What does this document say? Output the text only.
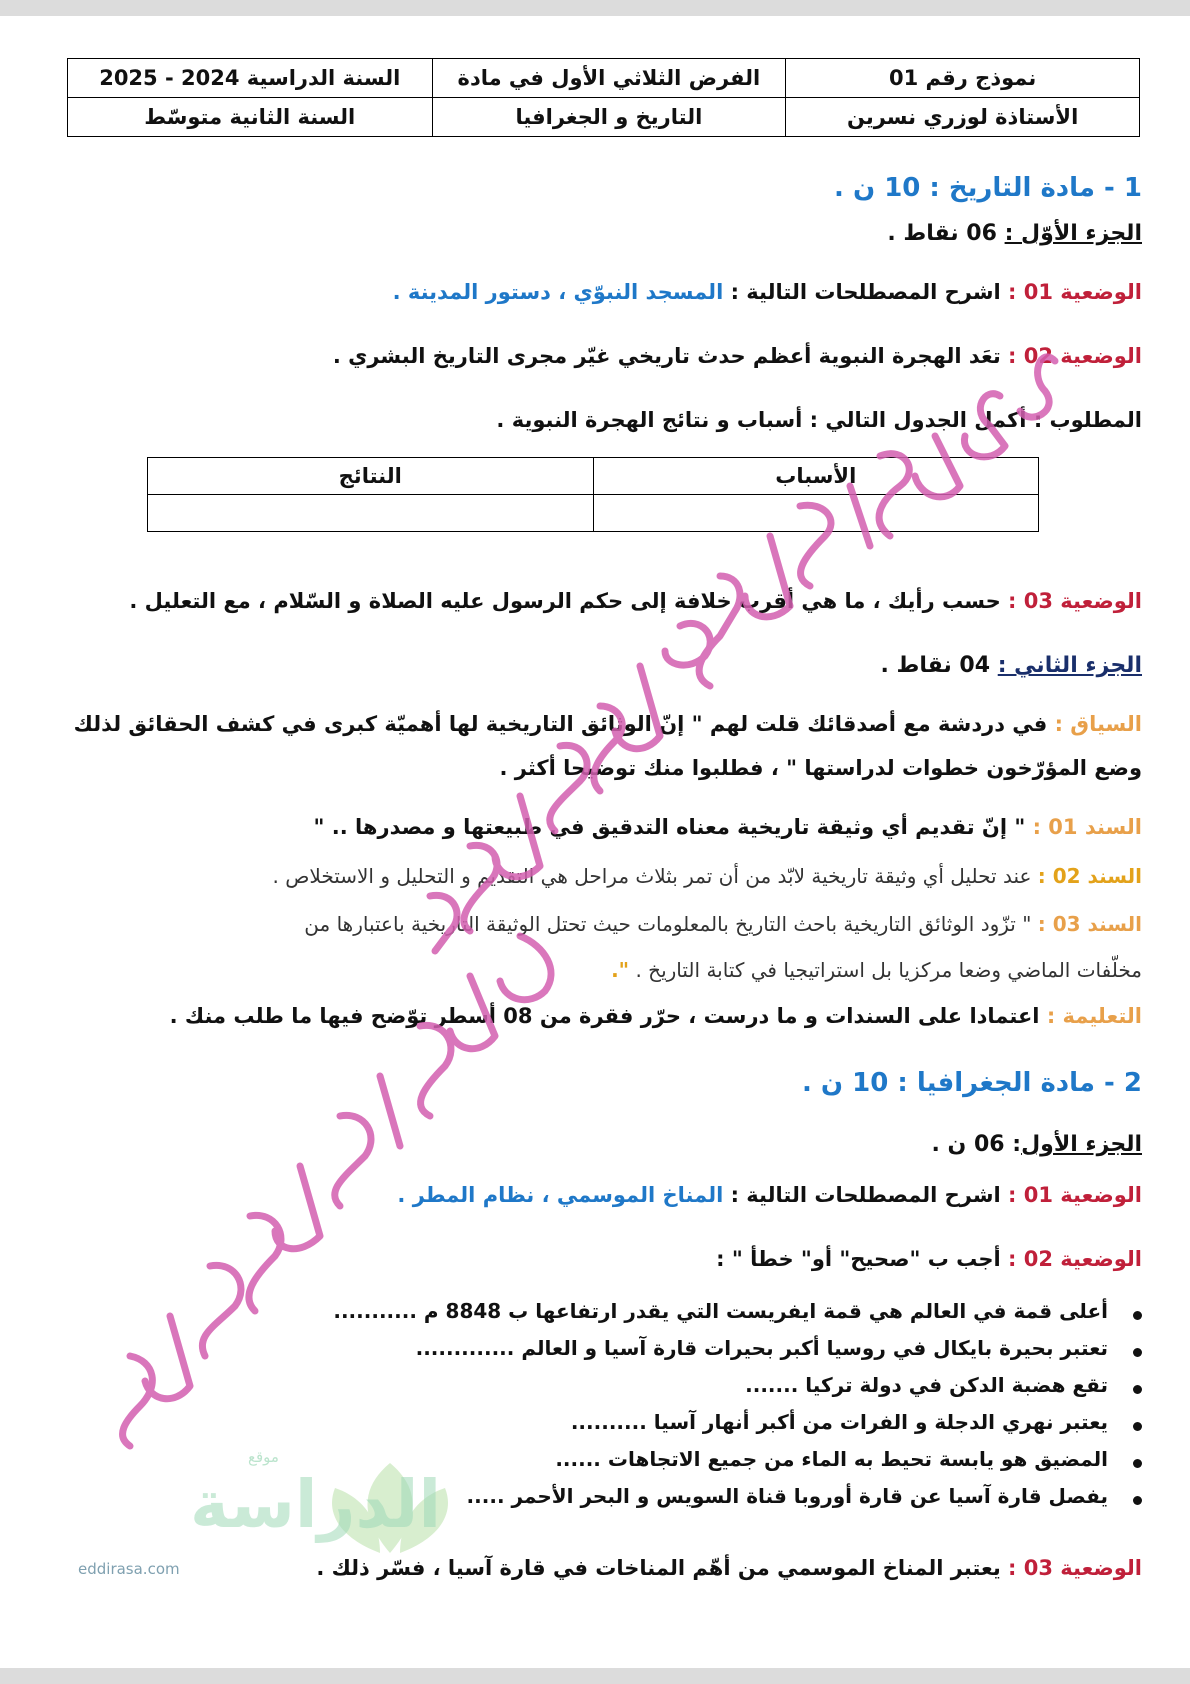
نموذج رقم 01	الفرض الثلاثي الأول في مادة	السنة الدراسية 2024 - 2025
الأستاذة لوزري نسرين	التاريخ و الجغرافيا	السنة الثانية متوسّط
1 - مادة التاريخ : 10 ن .
الجزء الأوّل : 06 نقاط .
الوضعية 01 : اشرح المصطلحات التالية : المسجد النبوّي ، دستور المدينة .
الوضعية 02 : تعَد الهجرة النبوية أعظم حدث تاريخي غيّر مجرى التاريخ البشري .
المطلوب : أكمل الجدول التالي : أسباب و نتائج الهجرة النبوية .
الأسباب	النتائج

الوضعية 03 : حسب رأيك ، ما هي أقرب خلافة إلى حكم الرسول عليه الصلاة و السّلام ، مع التعليل .
الجزء الثاني : 04 نقاط .
السياق : في دردشة مع أصدقائك قلت لهم " إنّ الوثائق التاريخية لها أهميّة كبرى في كشف الحقائق لذلك
وضع المؤرّخون خطوات لدراستها " ، فطلبوا منك توضيحا أكثر .
السند 01 : " إنّ تقديم أي وثيقة تاريخية معناه التدقيق في طبيعتها و مصدرها .. "
السند 02 : عند تحليل أي وثيقة تاريخية لابّد من أن تمر بثلاث مراحل هي التقديم و التحليل و الاستخلاص .
السند 03 : " تزّود الوثائق التاريخية باحث التاريخ بالمعلومات حيث تحتل الوثيقة التاريخية باعتبارها من
مخلّفات الماضي وضعا مركزيا بل استراتيجيا في كتابة التاريخ . ".
التعليمة : اعتمادا على السندات و ما درست ، حرّر فقرة من 08 أسطر توّضح فيها ما طلب منك .
2 - مادة الجغرافيا : 10 ن .
الجزء الأول: 06 ن .
الوضعية 01 : اشرح المصطلحات التالية : المناخ الموسمي ، نظام المطر .
الوضعية 02 : أجب ب "صحيح" أو" خطأ " :
أعلى قمة في العالم هي قمة ايفريست التي يقدر ارتفاعها ب 8848 م ...........
تعتبر بحيرة بايكال في روسيا أكبر بحيرات قارة آسيا و العالم .............
تقع هضبة الدكن في دولة تركيا .......
يعتبر نهري الدجلة و الفرات من أكبر أنهار آسيا ..........
المضيق هو يابسة تحيط به الماء من جميع الاتجاهات ......
يفصل قارة آسيا عن قارة أوروبا قناة السويس و البحر الأحمر .....
الوضعية 03 : يعتبر المناخ الموسمي من أهّم المناخات في قارة آسيا ، فسّر ذلك .
موقع
الدراسة
eddirasa.com
